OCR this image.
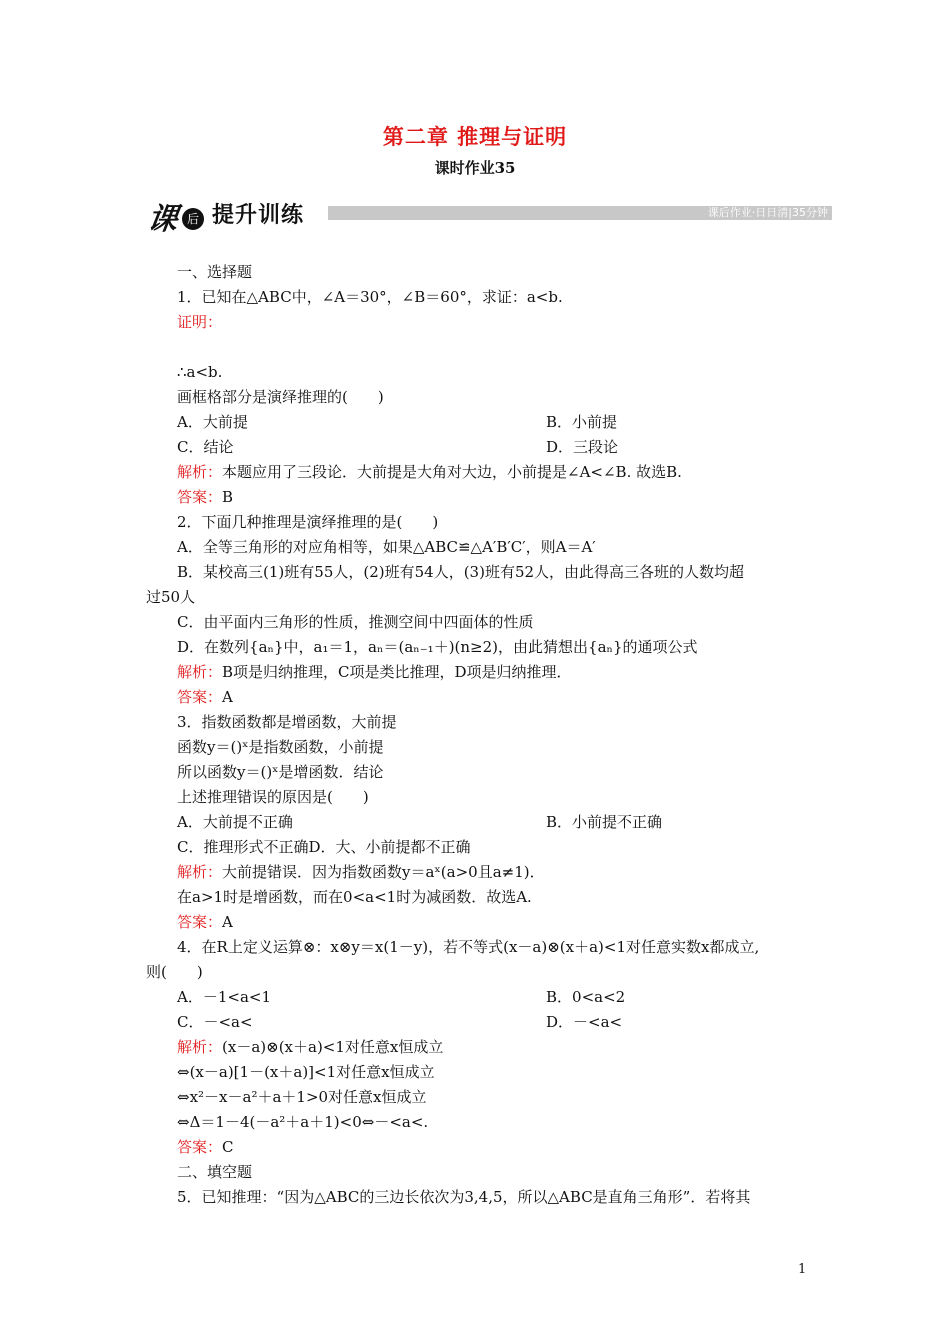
第二章 推理与证明
课时作业35
课 后 提升训练	课后作业·日日清|35分钟
一、选择题
1．已知在△ABC中，∠A＝30°，∠B＝60°，求证：a<b.
证明：
∴a<b.
画框格部分是演绎推理的(　　)
A．大前提	B．小前提
C．结论	D．三段论
解析：本题应用了三段论．大前提是大角对大边，小前提是∠A<∠B. 故选B.
答案：B
2．下面几种推理是演绎推理的是(　　)
A．全等三角形的对应角相等，如果△ABC≌△A′B′C′，则A＝A′
B．某校高三(1)班有55人，(2)班有54人，(3)班有52人，由此得高三各班的人数均超
过50人
C．由平面内三角形的性质，推测空间中四面体的性质
D．在数列{aₙ}中，a₁＝1，aₙ＝(aₙ₋₁＋)(n≥2)，由此猜想出{aₙ}的通项公式
解析：B项是归纳推理，C项是类比推理，D项是归纳推理．
答案：A
3．指数函数都是增函数，大前提
函数y＝()ˣ是指数函数，小前提
所以函数y＝()ˣ是增函数．结论
上述推理错误的原因是(　　)
A．大前提不正确	B．小前提不正确
C．推理形式不正确D．大、小前提都不正确
解析：大前提错误．因为指数函数y＝aˣ(a>0且a≠1)．
在a>1时是增函数，而在0<a<1时为减函数．故选A.
答案：A
4．在R上定义运算⊗：x⊗y＝x(1－y)，若不等式(x－a)⊗(x＋a)<1对任意实数x都成立,
则(　　)
A．－1<a<1	B．0<a<2
C．－<a<	D．－<a<
解析：(x－a)⊗(x＋a)<1对任意x恒成立
⇔(x－a)[1－(x＋a)]<1对任意x恒成立
⇔x²－x－a²＋a＋1>0对任意x恒成立
⇔Δ＝1－4(－a²＋a＋1)<0⇔－<a<.
答案：C
二、填空题
5．已知推理：“因为△ABC的三边长依次为3,4,5，所以△ABC是直角三角形”．若将其
1
